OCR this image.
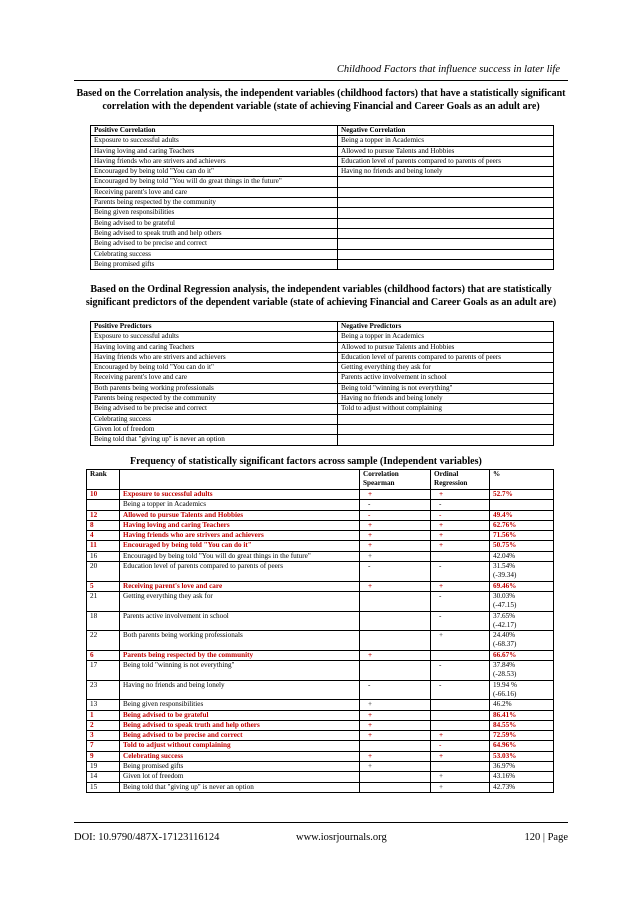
Childhood Factors that influence success in later life
Based on the Correlation analysis, the independent variables (childhood factors) that have a statistically significant correlation with the dependent variable (state of achieving Financial and Career Goals as an adult are)
Positive Correlation	Negative Correlation
Exposure to successful adults	Being a topper in Academics
Having loving and caring Teachers	Allowed to pursue Talents and Hobbies
Having friends who are strivers and achievers	Education level of parents compared to parents of peers
Encouraged by being told "You can do it"	Having no friends and being lonely
Encouraged by being told "You will do great things in the future"	
Receiving parent's love and care	
Parents being respected by the community	
Being given responsibilities	
Being advised to be grateful	
Being advised to speak truth and help others	
Being advised to be precise and correct	
Celebrating success	
Being promised gifts	
Based on the Ordinal Regression analysis, the independent variables (childhood factors) that are statistically significant predictors of the dependent variable (state of achieving Financial and Career Goals as an adult are)
Positive Predictors	Negative Predictors
Exposure to successful adults	Being a topper in Academics
Having loving and caring Teachers	Allowed to pursue Talents and Hobbies
Having friends who are strivers and achievers	Education level of parents compared to parents of peers
Encouraged by being told "You can do it"	Getting everything they ask for
Receiving parent's love and care	Parents active involvement in school
Both parents being working professionals	Being told "winning is not everything"
Parents being respected by the community	Having no friends and being lonely
Being advised to be precise and correct	Told to adjust without complaining
Celebrating success	
Given lot of freedom	
Being told that "giving up" is never an option	
Frequency of statistically significant factors across sample (Independent variables)
Rank		Correlation Spearman	Ordinal Regression	%
10	Exposure to successful adults	+	+	52.7%

	Being a topper in Academics	-	-	

12	Allowed to pursue Talents and Hobbies	-	-	49.4%

8	Having loving and caring Teachers	+	+	62.76%

4	Having friends who are strivers and achievers	+	+	71.56%

11	Encouraged by being told "You can do it"	+	+	50.75%

16	Encouraged by being told "You will do great things in the future"	+		42.04%

20	Education level of parents compared to parents of peers	-	-	31.54%
(-39.34)

5	Receiving parent's love and care	+	+	69.46%

21	Getting everything they ask for		-	30.03%
(-47.15)

18	Parents active involvement in school		-	37.65%
(-42.17)

22	Both parents being working professionals		+	24.40%
(-68.37)

6	Parents being respected by the community	+		66.67%

17	Being told "winning is not everything"		-	37.84%
(-28.53)

23	Having no friends and being lonely	-	-	19.94 %
(-66.16)

13	Being given responsibilities	+		46.2%

1	Being advised to be grateful	+		86.41%

2	Being advised to speak truth and help others	+		84.55%

3	Being advised to be precise and correct	+	+	72.59%

7	Told to adjust without complaining		-	64.96%

9	Celebrating success	+	+	53.03%

19	Being promised gifts	+		36.97%

14	Given lot of freedom		+	43.16%

15	Being told that "giving up" is never an option		+	42.73%
DOI: 10.9790/487X-17123116124	www.iosrjournals.org	120 | Page
